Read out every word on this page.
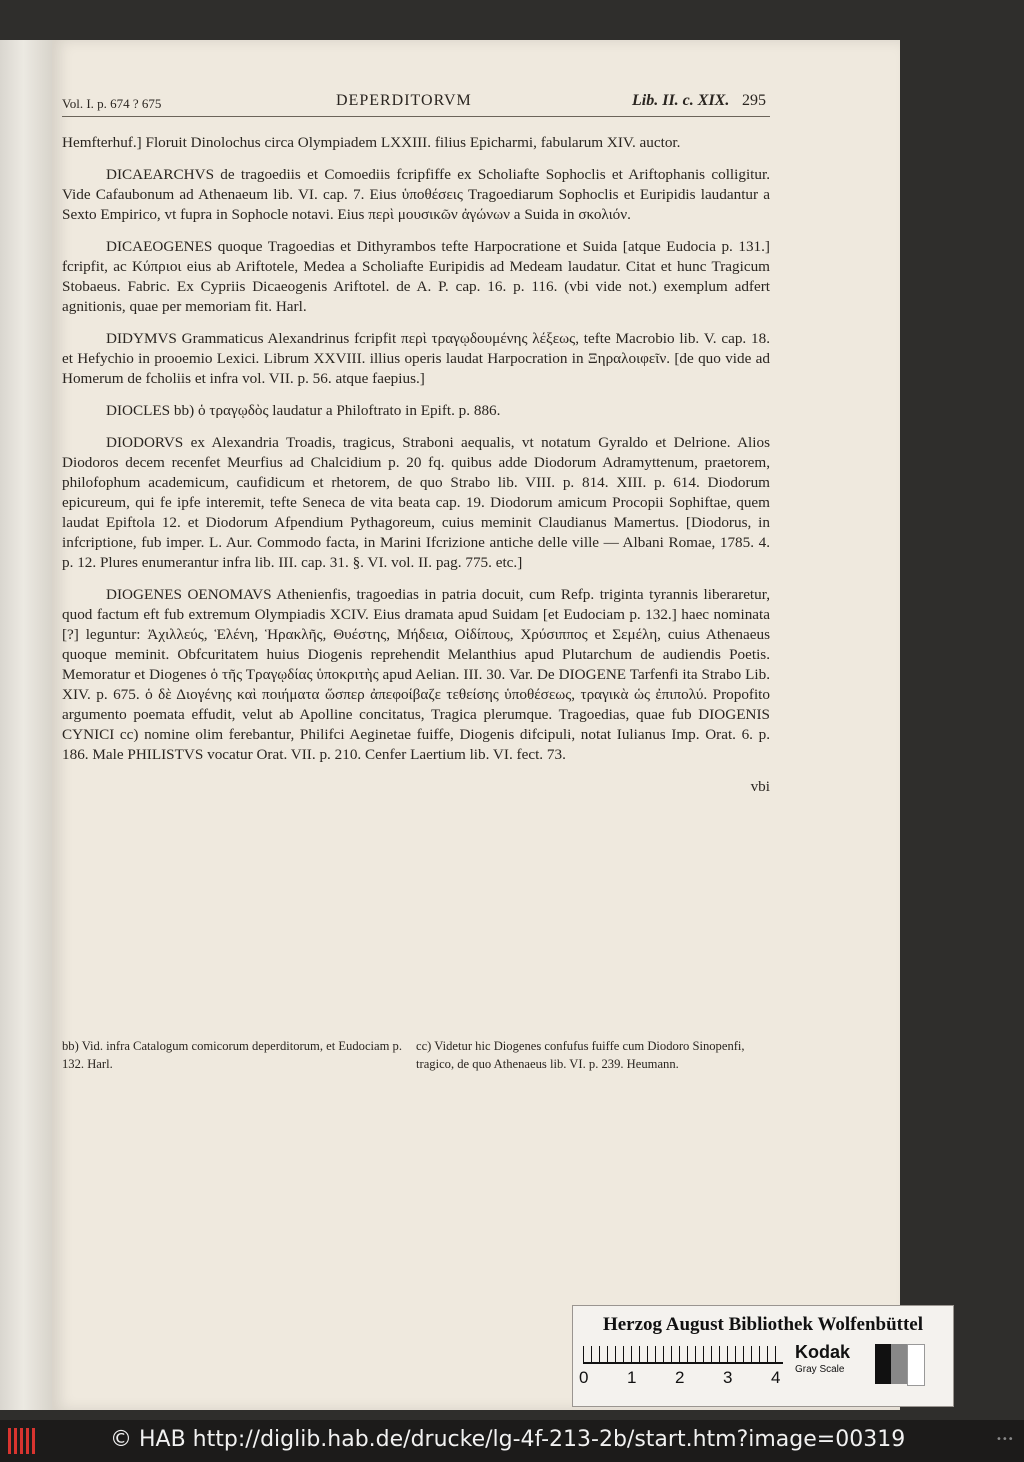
Vol. I. p. 674 ? 675	DEPERDITORVM	Lib. II. c. XIX. 295

Hemfterhuf.] Floruit Dinolochus circa Olympiadem LXXIII. filius Epicharmi, fabularum XIV. auctor.

DICAEARCHVS de tragoediis et Comoediis fcripfiffe ex Scholiafte Sophoclis et Ariftophanis colligitur. Vide Cafaubonum ad Athenaeum lib. VI. cap. 7. Eius ὑποθέσεις Tragoediarum Sophoclis et Euripidis laudantur a Sexto Empirico, vt fupra in Sophocle notavi. Eius περὶ μουσικῶν ἀγώνων a Suida in σκολιόν.

DICAEOGENES quoque Tragoedias et Dithyrambos tefte Harpocratione et Suida [atque Eudocia p. 131.] fcripfit, ac Κύπριοι eius ab Ariftotele, Medea a Scholiafte Euripidis ad Medeam laudatur. Citat et hunc Tragicum Stobaeus. Fabric. Ex Cypriis Dicaeogenis Ariftotel. de A. P. cap. 16. p. 116. (vbi vide not.) exemplum adfert agnitionis, quae per memoriam fit. Harl.

DIDYMVS Grammaticus Alexandrinus fcripfit περὶ τραγῳδουμένης λέξεως, tefte Macrobio lib. V. cap. 18. et Hefychio in prooemio Lexici. Librum XXVIII. illius operis laudat Harpocration in Ξηραλοιφεῖν. [de quo vide ad Homerum de fcholiis et infra vol. VII. p. 56. atque faepius.]

DIOCLES bb) ὁ τραγῳδὸς laudatur a Philoftrato in Epift. p. 886.

DIODORVS ex Alexandria Troadis, tragicus, Straboni aequalis, vt notatum Gyraldo et Delrione. Alios Diodoros decem recenfet Meurfius ad Chalcidium p. 20 fq. quibus adde Diodorum Adramyttenum, praetorem, philofophum academicum, caufidicum et rhetorem, de quo Strabo lib. VIII. p. 814. XIII. p. 614. Diodorum epicureum, qui fe ipfe interemit, tefte Seneca de vita beata cap. 19. Diodorum amicum Procopii Sophiftae, quem laudat Epiftola 12. et Diodorum Afpendium Pythagoreum, cuius meminit Claudianus Mamertus. [Diodorus, in infcriptione, fub imper. L. Aur. Commodo facta, in Marini Ifcrizione antiche delle ville — Albani Romae, 1785. 4. p. 12. Plures enumerantur infra lib. III. cap. 31. §. VI. vol. II. pag. 775. etc.]

DIOGENES OENOMAVS Athenienfis, tragoedias in patria docuit, cum Refp. triginta tyrannis liberaretur, quod factum eft fub extremum Olympiadis XCIV. Eius dramata apud Suidam [et Eudociam p. 132.] haec nominata [?] leguntur: Ἀχιλλεύς, Ἑλένη, Ἡρακλῆς, Θυέστης, Μήδεια, Οἰδίπους, Χρύσιππος et Σεμέλη, cuius Athenaeus quoque meminit. Obfcuritatem huius Diogenis reprehendit Melanthius apud Plutarchum de audiendis Poetis. Memoratur et Diogenes ὁ τῆς Τραγῳδίας ὑποκριτὴς apud Aelian. III. 30. Var. De DIOGENE Tarfenfi ita Strabo Lib. XIV. p. 675. ὁ δὲ Διογένης καὶ ποιήματα ὥσπερ ἀπεφοίβαζε τεθείσης ὑποθέσεως, τραγικὰ ὡς ἐπιπολύ. Propofito argumento poemata effudit, velut ab Apolline concitatus, Tragica plerumque. Tragoedias, quae fub DIOGENIS CYNICI cc) nomine olim ferebantur, Philifci Aeginetae fuiffe, Diogenis difcipuli, notat Iulianus Imp. Orat. 6. p. 186. Male PHILISTVS vocatur Orat. VII. p. 210. Cenfer Laertium lib. VI. fect. 73.

vbi

bb) Vid. infra Catalogum comicorum deperditorum, et Eudociam p. 132. Harl.
cc) Videtur hic Diogenes confufus fuiffe cum Diodoro Sinopenfi, tragico, de quo Athenaeus lib. VI. p. 239. Heumann.
Herzog August Bibliothek Wolfenbüttel
0 1 2 3 4
Kodak
Gray Scale
© HAB http://diglib.hab.de/drucke/lg-4f-213-2b/start.htm?image=00319	•••
